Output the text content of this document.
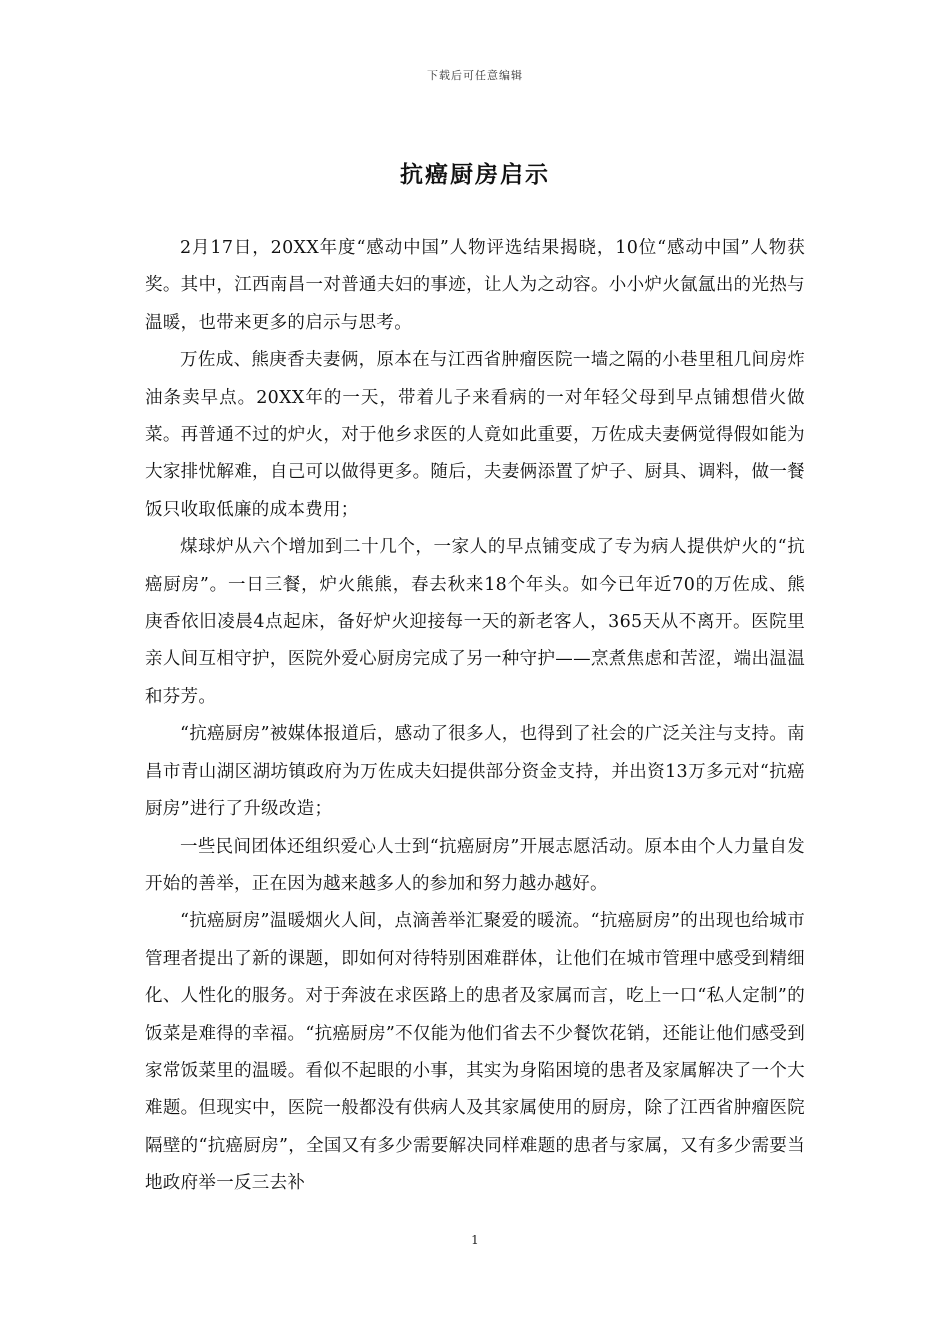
下载后可任意编辑
抗癌厨房启示

2月17日，20XX年度“感动中国”人物评选结果揭晓，10位“感动中国”人物获奖。其中，江西南昌一对普通夫妇的事迹，让人为之动容。小小炉火氤氲出的光热与温暖，也带来更多的启示与思考。

万佐成、熊庚香夫妻俩，原本在与江西省肿瘤医院一墙之隔的小巷里租几间房炸油条卖早点。20XX年的一天，带着儿子来看病的一对年轻父母到早点铺想借火做菜。再普通不过的炉火，对于他乡求医的人竟如此重要，万佐成夫妻俩觉得假如能为大家排忧解难，自己可以做得更多。随后，夫妻俩添置了炉子、厨具、调料，做一餐饭只收取低廉的成本费用；

煤球炉从六个增加到二十几个，一家人的早点铺变成了专为病人提供炉火的“抗癌厨房”。一日三餐，炉火熊熊，春去秋来18个年头。如今已年近70的万佐成、熊庚香依旧凌晨4点起床，备好炉火迎接每一天的新老客人，365天从不离开。医院里亲人间互相守护，医院外爱心厨房完成了另一种守护——烹煮焦虑和苦涩，端出温温和芬芳。

“抗癌厨房”被媒体报道后，感动了很多人，也得到了社会的广泛关注与支持。南昌市青山湖区湖坊镇政府为万佐成夫妇提供部分资金支持，并出资13万多元对“抗癌厨房”进行了升级改造；

一些民间团体还组织爱心人士到“抗癌厨房”开展志愿活动。原本由个人力量自发开始的善举，正在因为越来越多人的参加和努力越办越好。

“抗癌厨房”温暖烟火人间，点滴善举汇聚爱的暖流。“抗癌厨房”的出现也给城市管理者提出了新的课题，即如何对待特别困难群体，让他们在城市管理中感受到精细化、人性化的服务。对于奔波在求医路上的患者及家属而言，吃上一口“私人定制”的饭菜是难得的幸福。“抗癌厨房”不仅能为他们省去不少餐饮花销，还能让他们感受到家常饭菜里的温暖。看似不起眼的小事，其实为身陷困境的患者及家属解决了一个大难题。但现实中，医院一般都没有供病人及其家属使用的厨房，除了江西省肿瘤医院隔壁的“抗癌厨房”，全国又有多少需要解决同样难题的患者与家属，又有多少需要当地政府举一反三去补

1
